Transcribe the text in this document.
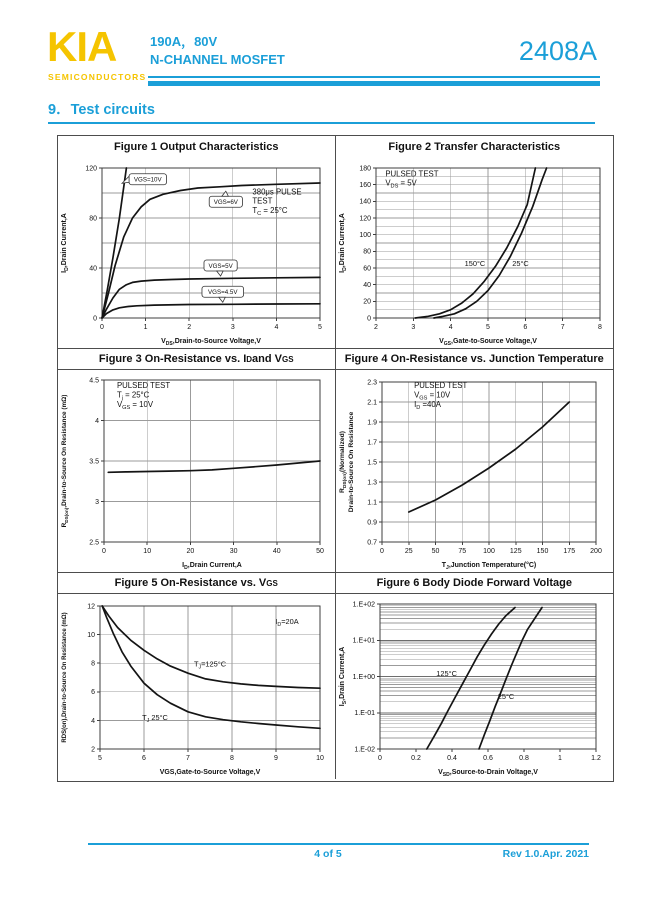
KIA
SEMICONDUCTORS
190A，80V
N-CHANNEL MOSFET	2408A
9．Test circuits
Figure 1 Output Characteristics
0	1	2	3	4	5
0
40
80
120
$V_{DS},Drain-to$-Source Voltage,V
$I_D,Drain$ Current,A
380μs PULSE
TEST
$T_C = 25^\circ C$
VGS=10V
VGS=6V
VGS=5V
VGS=4.5V
Figure 2 Transfer Characteristics
2	3	4	5	6	7	8
0
20
40
60
80
100
120
140
160
180
$V_{GS},Gate-to$-Source Voltage,V
$I_D,Drain$ Current,A	150°C	25°C
PULSED TEST
$V_{DS} = 5V$
Figure 3 On-Resistance vs. I D and V GS	Figure 4 On-Resistance vs. Junction Temperature
0	10	20	30	40	50
2.5
3
3.5
4
4.5
$I_D,Drain$ Current,A
$R_{DS(on)},Drain-to$-Source On Resistance (mΩ)
PULSED TEST
$T_j = 25^\circ C$
$V_{GS} = 10V$
0	25	50	75 100 125 150 175 200
0.7
0.9
1.1
1.3
1.5
1.7
1.9
2.1
2.3
$T_J,Junction$ Temperature(°C)
$R_{DS(on)}(Normalized)$ Drain-to-Source On Resistance
PULSED TEST
$V_{GS} = 10V$
$I_D =40A$
Figure 5 On-Resistance vs. V GS	Figure 6 Body Diode Forward Voltage
5	6	7	8	9	10
2
4
6
8
10
12
VGS,Gate-to-Source Voltage,V
RDS(on),Drain-to-Source On Resistance (mΩ)	$I_D=20A$
$T_J=125^\circ C$
$T_J$ 25°C
0	0.2	0.4	0.6	0.8	1	1.2
1.E-02
1.E-01
1.E+00
1.E+01
1.E+02
$V_{SD},Source-to$-Drain Voltage,V
$I_S,Drain$ Current,A	125°C
25°C
4 of 5	Rev 1.0.Apr. 2021
